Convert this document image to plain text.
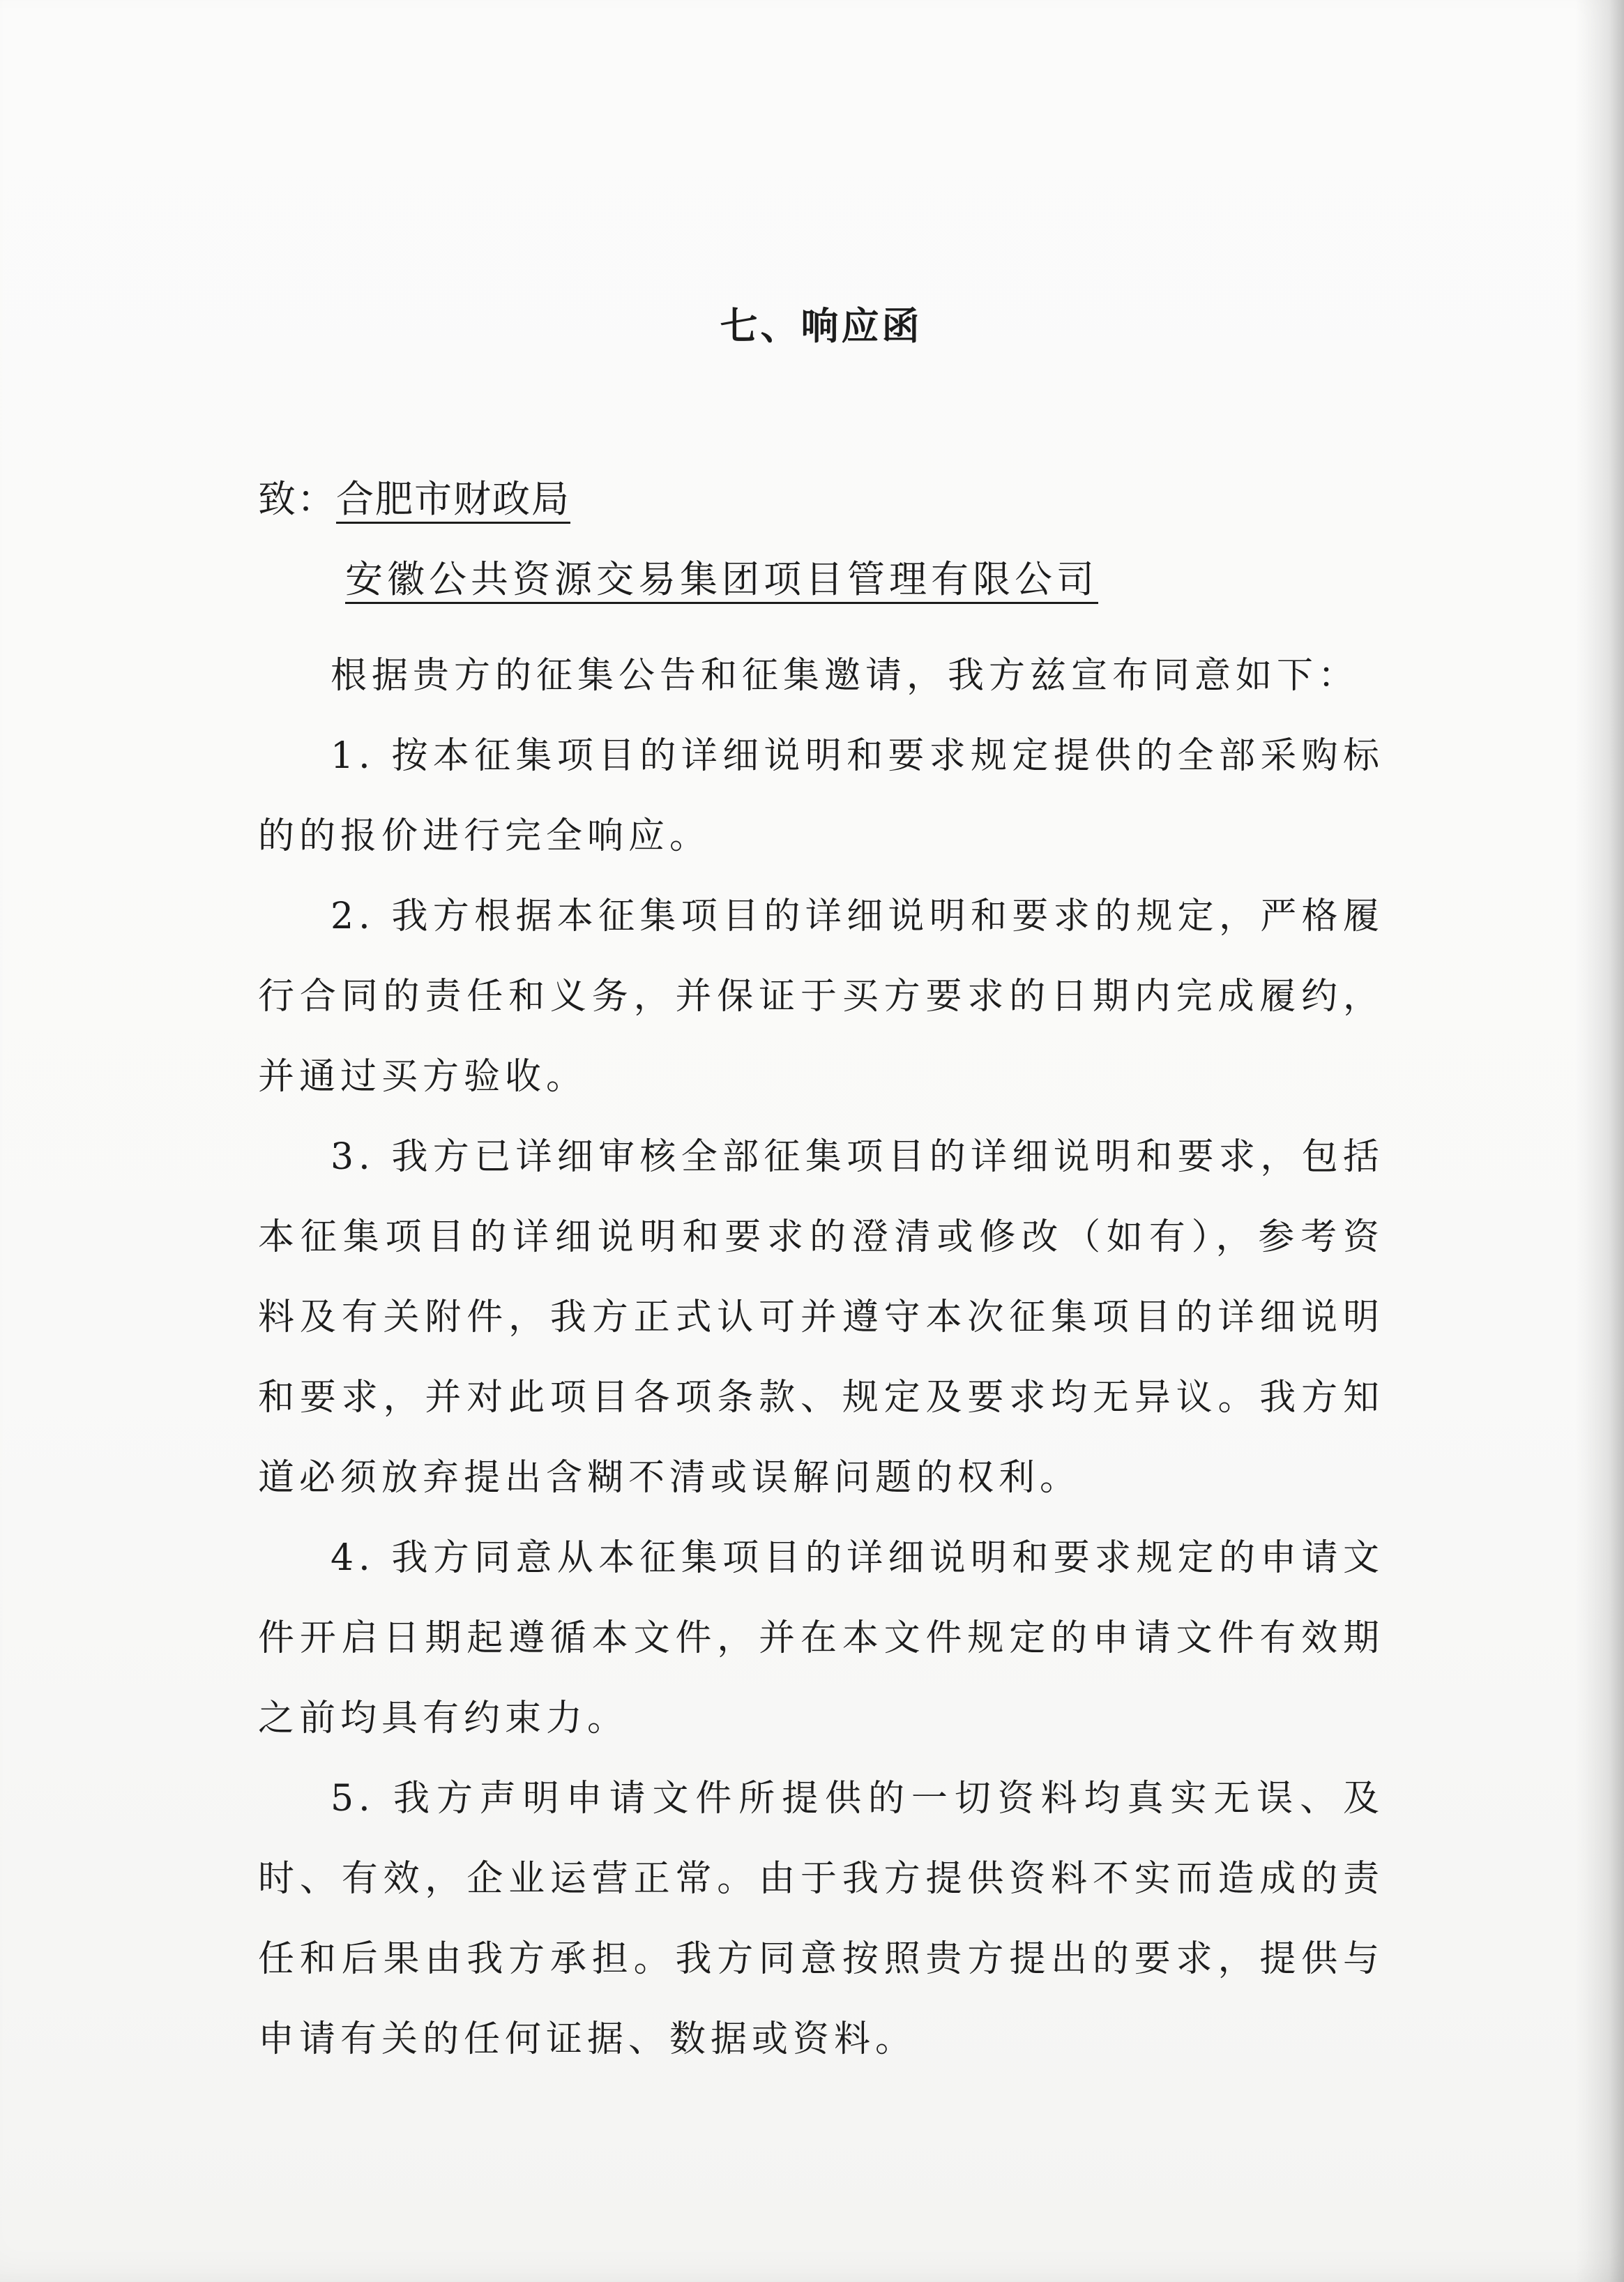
七、响应函
致：合肥市财政局
安徽公共资源交易集团项目管理有限公司

根据贵方的征集公告和征集邀请，我方兹宣布同意如下：

1. 按本征集项目的详细说明和要求规定提供的全部采购标的的报价进行完全响应。

2. 我方根据本征集项目的详细说明和要求的规定，严格履行合同的责任和义务，并保证于买方要求的日期内完成履约，并通过买方验收。

3. 我方已详细审核全部征集项目的详细说明和要求，包括本征集项目的详细说明和要求的澄清或修改（如有），参考资料及有关附件，我方正式认可并遵守本次征集项目的详细说明和要求，并对此项目各项条款、规定及要求均无异议。我方知道必须放弃提出含糊不清或误解问题的权利。

4. 我方同意从本征集项目的详细说明和要求规定的申请文件开启日期起遵循本文件，并在本文件规定的申请文件有效期之前均具有约束力。

5. 我方声明申请文件所提供的一切资料均真实无误、及时、有效，企业运营正常。由于我方提供资料不实而造成的责任和后果由我方承担。我方同意按照贵方提出的要求，提供与申请有关的任何证据、数据或资料。
